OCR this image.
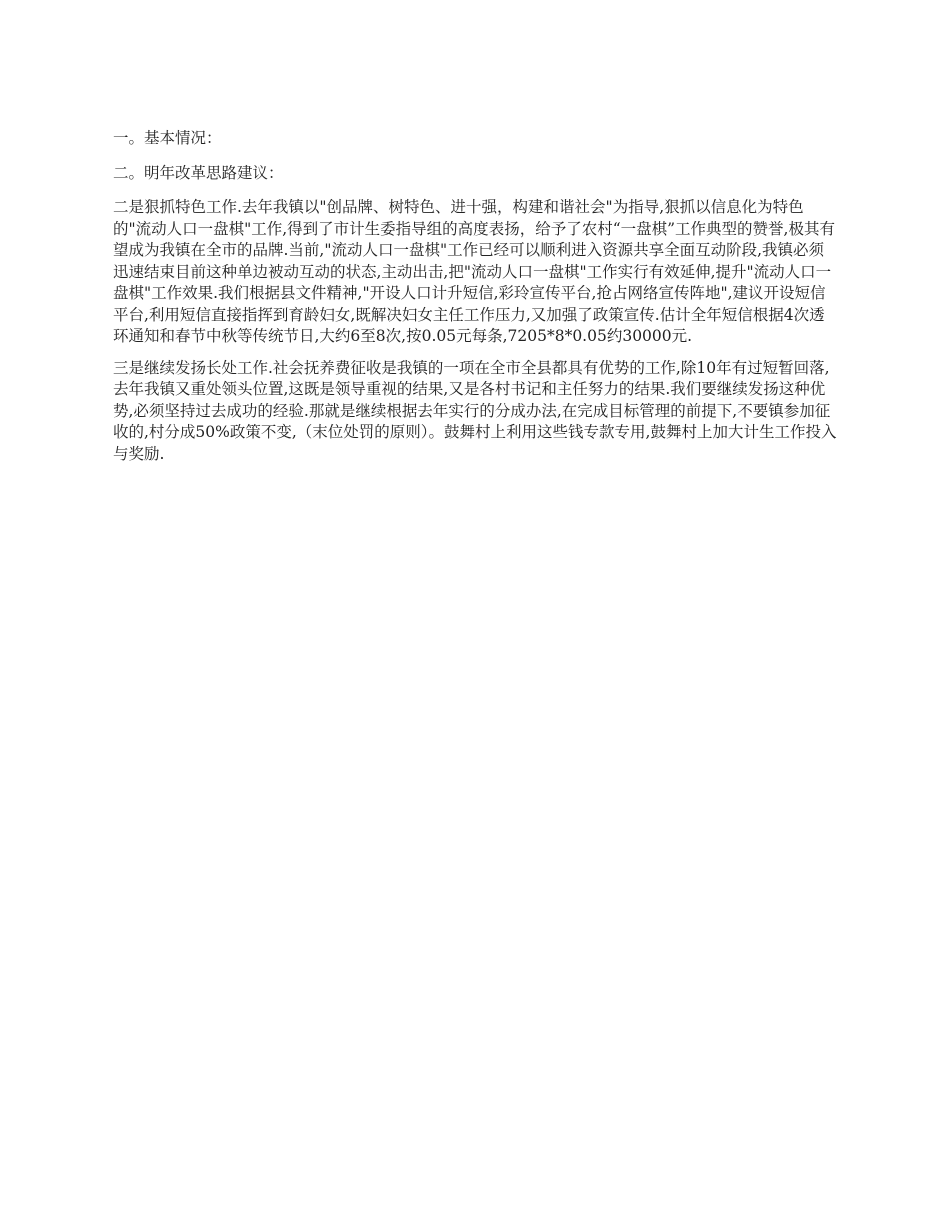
一。基本情况：

二。明年改革思路建议：

二是狠抓特色工作.去年我镇以"创品牌、树特色、进十强，构建和谐社会"为指导,狠抓以信息化为特色的"流动人口一盘棋"工作,得到了市计生委指导组的高度表扬，给予了农村“一盘棋”工作典型的赞誉,极其有望成为我镇在全市的品牌.当前,"流动人口一盘棋"工作已经可以顺利进入资源共享全面互动阶段,我镇必须迅速结束目前这种单边被动互动的状态,主动出击,把"流动人口一盘棋"工作实行有效延伸,提升"流动人口一盘棋"工作效果.我们根据县文件精神,"开设人口计升短信,彩玲宣传平台,抢占网络宣传阵地",建议开设短信平台,利用短信直接指挥到育龄妇女,既解决妇女主任工作压力,又加强了政策宣传.估计全年短信根据4次透环通知和春节中秋等传统节日,大约6至8次,按0.05元每条,7205*8*0.05约30000元.

三是继续发扬长处工作.社会抚养费征收是我镇的一项在全市全县都具有优势的工作,除10年有过短暂回落,去年我镇又重处领头位置,这既是领导重视的结果,又是各村书记和主任努力的结果.我们要继续发扬这种优势,必须坚持过去成功的经验.那就是继续根据去年实行的分成办法,在完成目标管理的前提下,不要镇参加征收的,村分成50%政策不变,（末位处罚的原则）。鼓舞村上利用这些钱专款专用,鼓舞村上加大计生工作投入与奖励.
